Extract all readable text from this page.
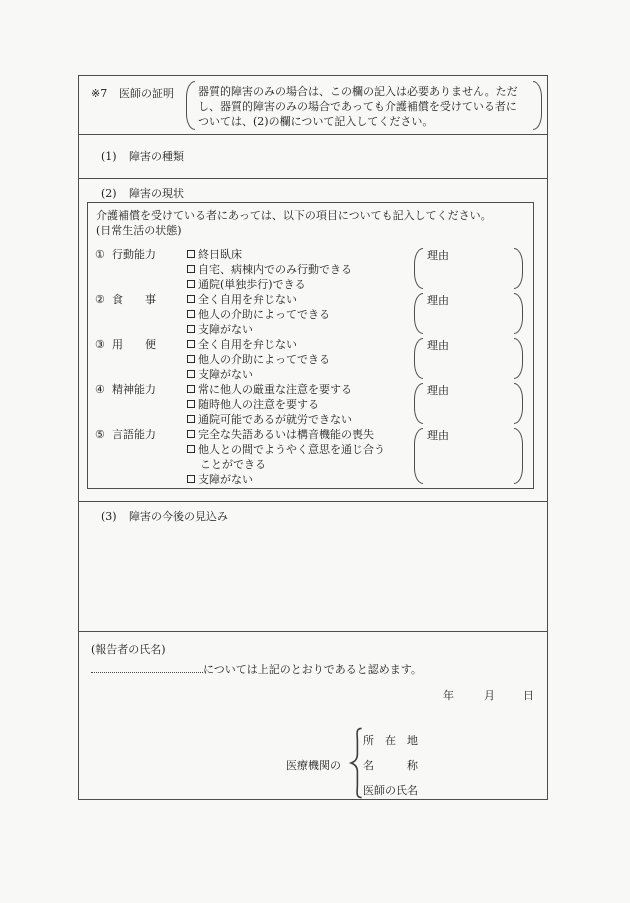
※7 医師の証明 器質的障害のみの場合は、この欄の記入は必要ありません。ただ
し、器質的障害のみの場合であっても介護補償を受けている者に
ついては、(2)の欄について記入してください。
(1) 障害の種類
(2) 障害の現状
介護補償を受けている者にあっては、以下の項目についても記入してください。
(日常生活の状態)
① 行動能力	終日臥床
自宅、病棟内でのみ行動できる
通院(単独歩行)できる
理由
② 食　　事	全く自用を弁じない
他人の介助によってできる
支障がない
理由
③ 用　　便	全く自用を弁じない
他人の介助によってできる
支障がない
理由
④ 精神能力	常に他人の厳重な注意を要する
随時他人の注意を要する
通院可能であるが就労できない
理由
⑤ 言語能力	完全な失語あるいは構音機能の喪失
他人との間でようやく意思を通じ合うことができる
支障がない
理由
(3) 障害の今後の見込み
(報告者の氏名)
については上記のとおりであると認めます。
年	月	日
医療機関の
所　在　地
名　　　称
医師の氏名
